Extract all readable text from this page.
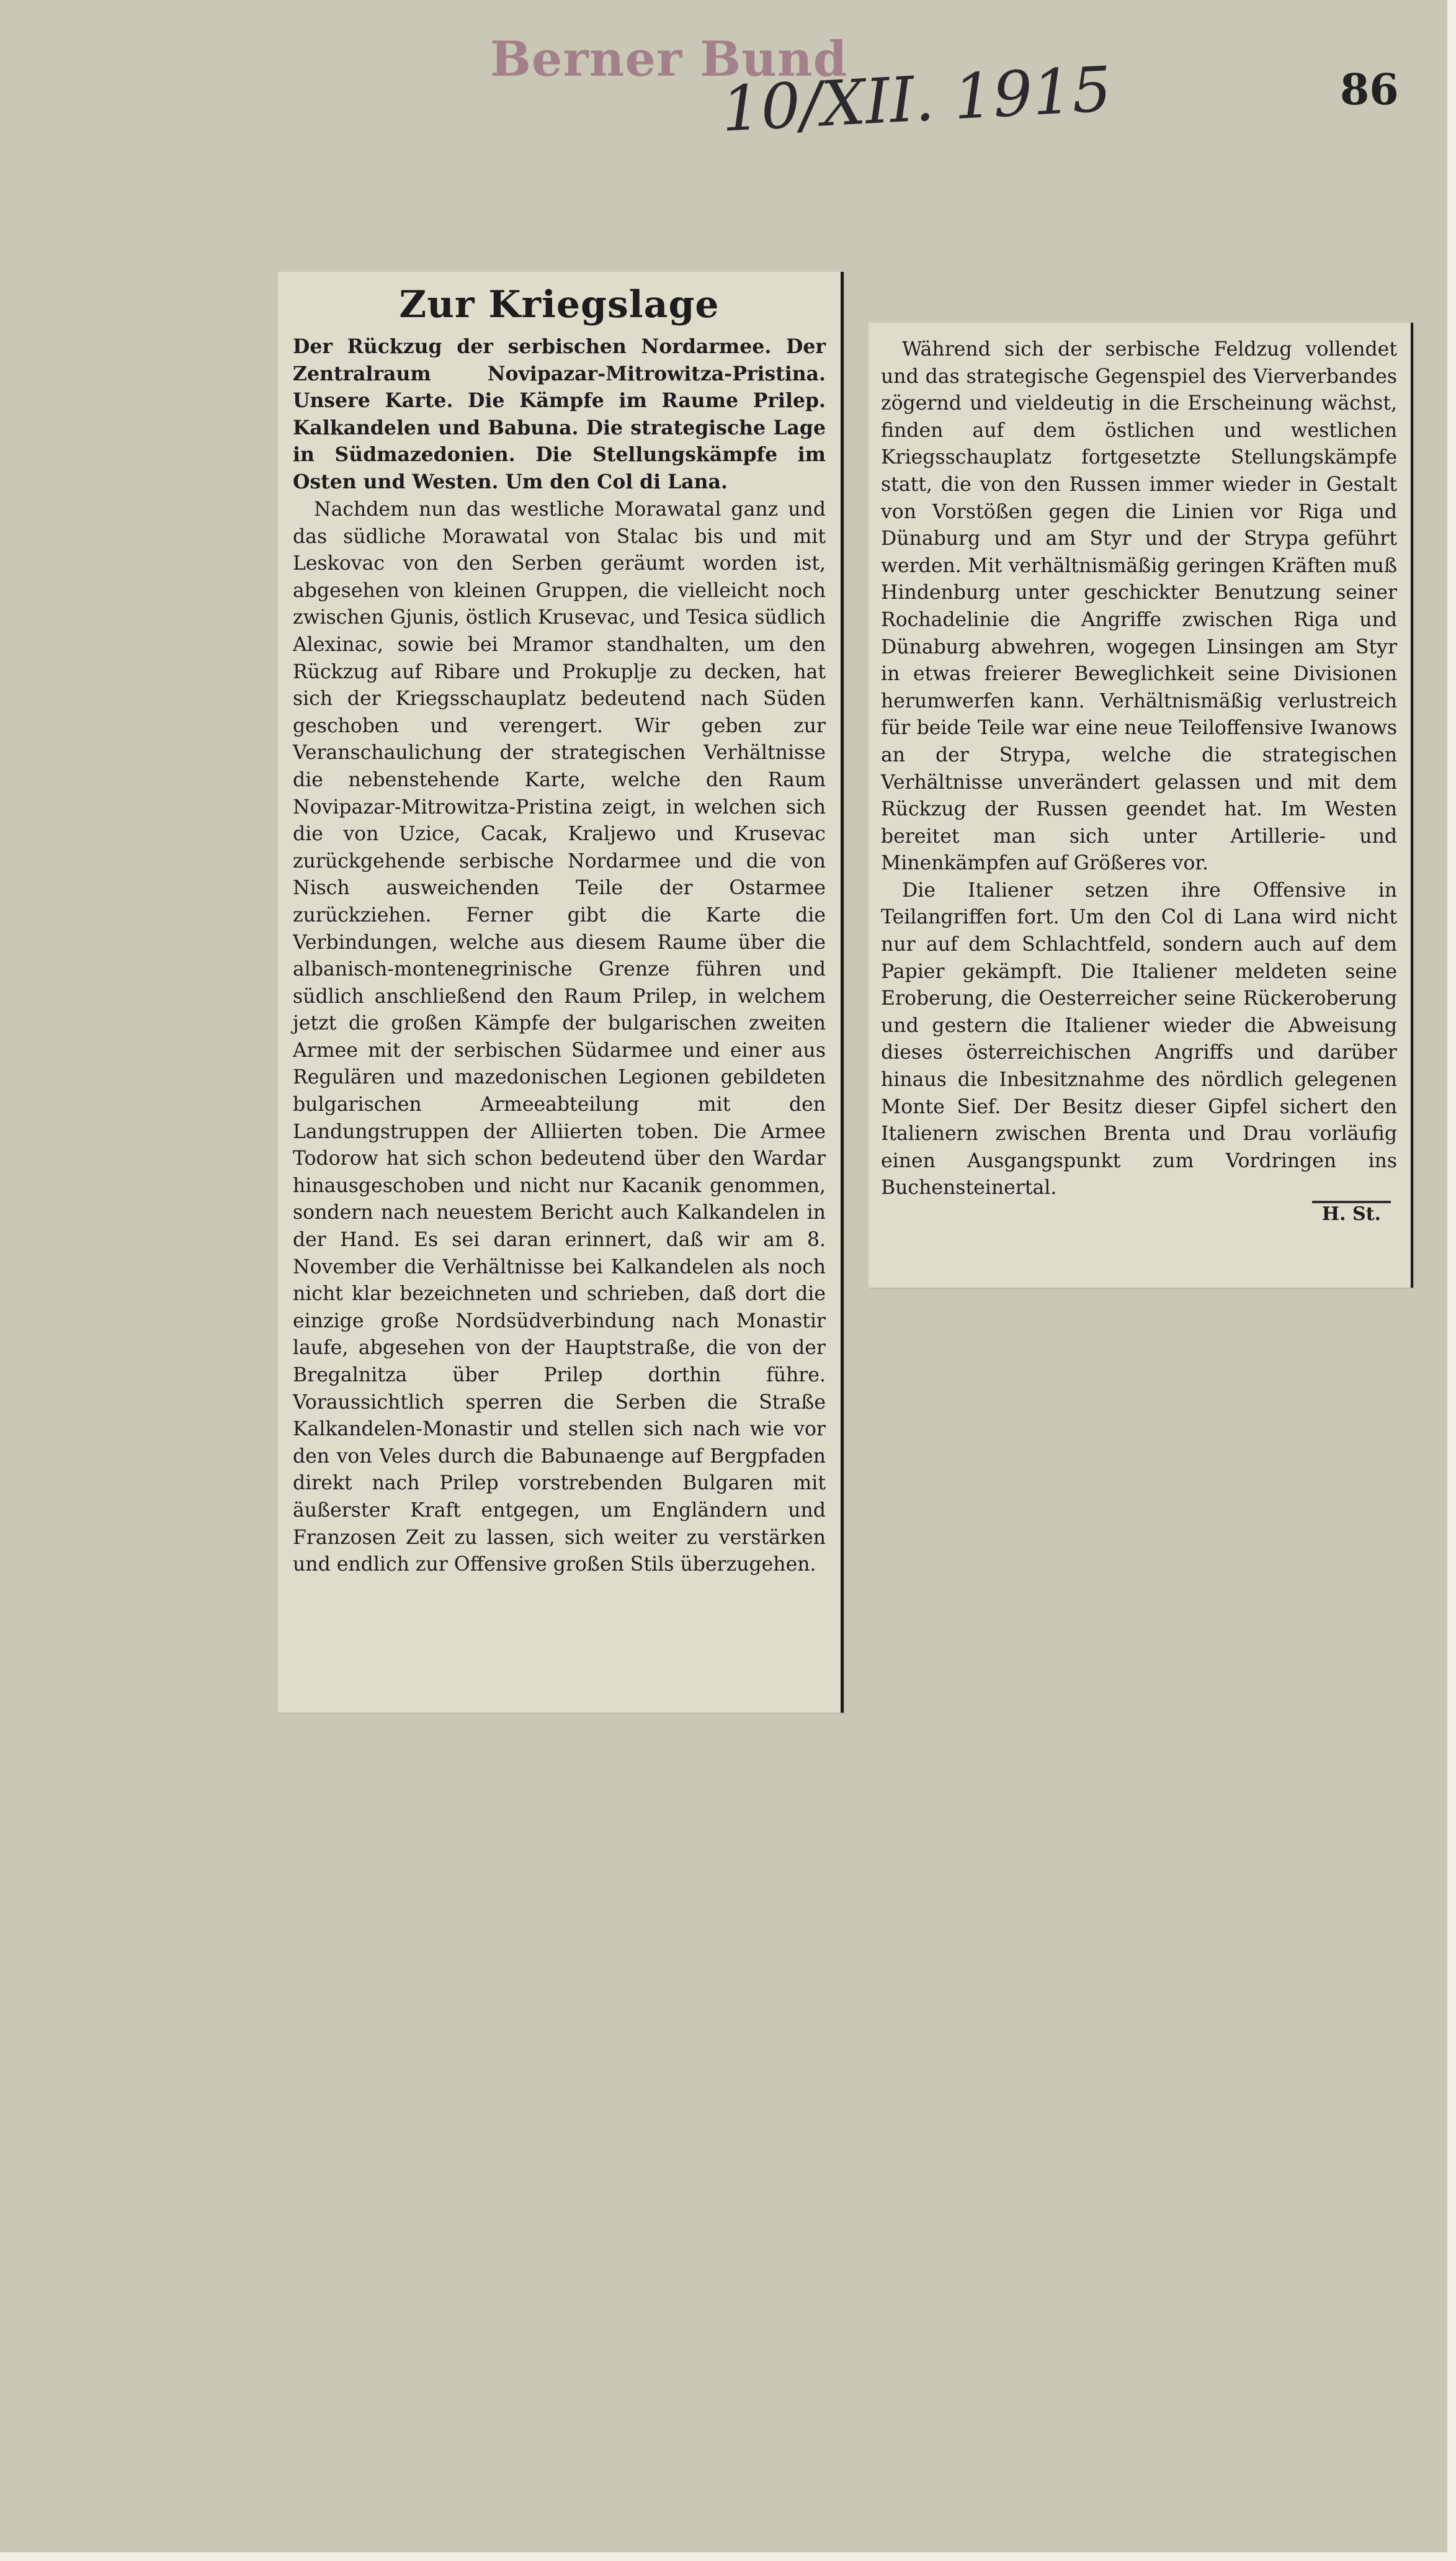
Berner Bund
10/XII. 1915	86
Zur Kriegslage

Der Rückzug der serbischen Nordarmee. Der Zentralraum Novipazar-Mitrowitza-Pristina. Unsere Karte. Die Kämpfe im Raume Prilep. Kalkandelen und Babuna. Die strategische Lage in Südmazedonien. Die Stellungskämpfe im Osten und Westen. Um den Col di Lana.

Nachdem nun das westliche Morawatal ganz und das südliche Morawatal von Stalac bis und mit Leskovac von den Serben geräumt worden ist, abgesehen von kleinen Gruppen, die vielleicht noch zwischen Gjunis, östlich Krusevac, und Tesica südlich Alexinac, sowie bei Mramor standhalten, um den Rückzug auf Ribare und Prokuplje zu decken, hat sich der Kriegsschauplatz bedeutend nach Süden geschoben und verengert. Wir geben zur Veranschaulichung der strategischen Verhältnisse die nebenstehende Karte, welche den Raum Novipazar-Mitrowitza-Pristina zeigt, in welchen sich die von Uzice, Cacak, Kraljewo und Krusevac zurückgehende serbische Nordarmee und die von Nisch ausweichenden Teile der Ostarmee zurückziehen. Ferner gibt die Karte die Verbindungen, welche aus diesem Raume über die albanisch-montenegrinische Grenze führen und südlich anschließend den Raum Prilep, in welchem jetzt die großen Kämpfe der bulgarischen zweiten Armee mit der serbischen Südarmee und einer aus Regulären und mazedonischen Legionen gebildeten bulgarischen Armeeabteilung mit den Landungstruppen der Alliierten toben. Die Armee Todorow hat sich schon bedeutend über den Wardar hinausgeschoben und nicht nur Kacanik genommen, sondern nach neuestem Bericht auch Kalkandelen in der Hand. Es sei daran erinnert, daß wir am 8. November die Verhältnisse bei Kalkandelen als noch nicht klar bezeichneten und schrieben, daß dort die einzige große Nordsüdverbindung nach Monastir laufe, abgesehen von der Hauptstraße, die von der Bregalnitza über Prilep dorthin führe. Voraussichtlich sperren die Serben die Straße Kalkandelen-Monastir und stellen sich nach wie vor den von Veles durch die Babunaenge auf Bergpfaden direkt nach Prilep vorstrebenden Bulgaren mit äußerster Kraft entgegen, um Engländern und Franzosen Zeit zu lassen, sich weiter zu verstärken und endlich zur Offensive großen Stils überzugehen.

Während sich der serbische Feldzug vollendet und das strategische Gegenspiel des Vierverbandes zögernd und vieldeutig in die Erscheinung wächst, finden auf dem östlichen und westlichen Kriegsschauplatz fortgesetzte Stellungskämpfe statt, die von den Russen immer wieder in Gestalt von Vorstößen gegen die Linien vor Riga und Dünaburg und am Styr und der Strypa geführt werden. Mit verhältnismäßig geringen Kräften muß Hindenburg unter geschickter Benutzung seiner Rochadelinie die Angriffe zwischen Riga und Dünaburg abwehren, wogegen Linsingen am Styr in etwas freierer Beweglichkeit seine Divisionen herumwerfen kann. Verhältnismäßig verlustreich für beide Teile war eine neue Teiloffensive Iwanows an der Strypa, welche die strategischen Verhältnisse unverändert gelassen und mit dem Rückzug der Russen geendet hat. Im Westen bereitet man sich unter Artillerie- und Minenkämpfen auf Größeres vor.

Die Italiener setzen ihre Offensive in Teilangriffen fort. Um den Col di Lana wird nicht nur auf dem Schlachtfeld, sondern auch auf dem Papier gekämpft. Die Italiener meldeten seine Eroberung, die Oesterreicher seine Rückeroberung und gestern die Italiener wieder die Abweisung dieses österreichischen Angriffs und darüber hinaus die Inbesitznahme des nördlich gelegenen Monte Sief. Der Besitz dieser Gipfel sichert den Italienern zwischen Brenta und Drau vorläufig einen Ausgangspunkt zum Vordringen ins Buchensteinertal.

H. St.
